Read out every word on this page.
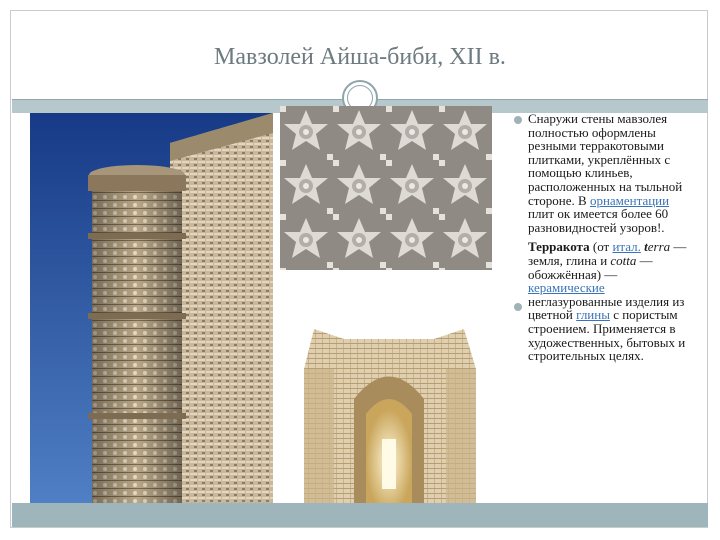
Мавзолей Айша-биби, XII в.

Снаружи стены мавзолея полностью оформлены резными терракотовыми плитками, укреплённых с помощью клиньев, расположенных на тыльной стороне. В орнаментации плит ок имеется более 60 разновидностей узоров!.

Терракота (от итал. terra — земля, глина и cotta — обожжённая) — керамические неглазурованные изделия из цветной глины с пористым строением. Применяется в художественных, бытовых и строительных целях.
